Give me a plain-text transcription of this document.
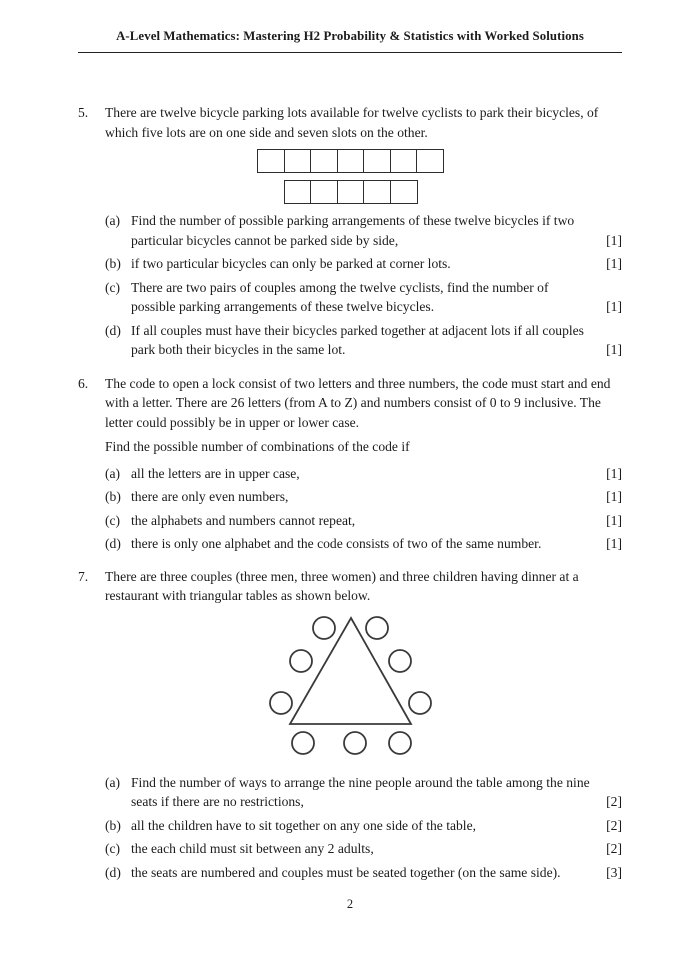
A-Level Mathematics: Mastering H2 Probability & Statistics with Worked Solutions
5.	There are twelve bicycle parking lots available for twelve cyclists to park their bicycles, of which five lots are on one side and seven slots on the other.

(a) Find the number of possible parking arrangements of these twelve bicycles if two particular bicycles cannot be parked side by side,	[1]
(b) if two particular bicycles can only be parked at corner lots.	[1]
(c) There are two pairs of couples among the twelve cyclists, find the number of possible parking arrangements of these twelve bicycles.	[1]
(d) If all couples must have their bicycles parked together at adjacent lots if all couples park both their bicycles in the same lot.	[1]
6.	The code to open a lock consist of two letters and three numbers, the code must start and end with a letter. There are 26 letters (from A to Z) and numbers consist of 0 to 9 inclusive. The letter could possibly be in upper or lower case.

Find the possible number of combinations of the code if

(a) all the letters are in upper case,	[1]
(b) there are only even numbers,	[1]
(c) the alphabets and numbers cannot repeat,	[1]
(d) there is only one alphabet and the code consists of two of the same number.	[1]
7.	There are three couples (three men, three women) and three children having dinner at a restaurant with triangular tables as shown below.

(a) Find the number of ways to arrange the nine people around the table among the nine seats if there are no restrictions,	[2]
(b) all the children have to sit together on any one side of the table,	[2]
(c) the each child must sit between any 2 adults,	[2]
(d) the seats are numbered and couples must be seated together (on the same side).	[3]
2
